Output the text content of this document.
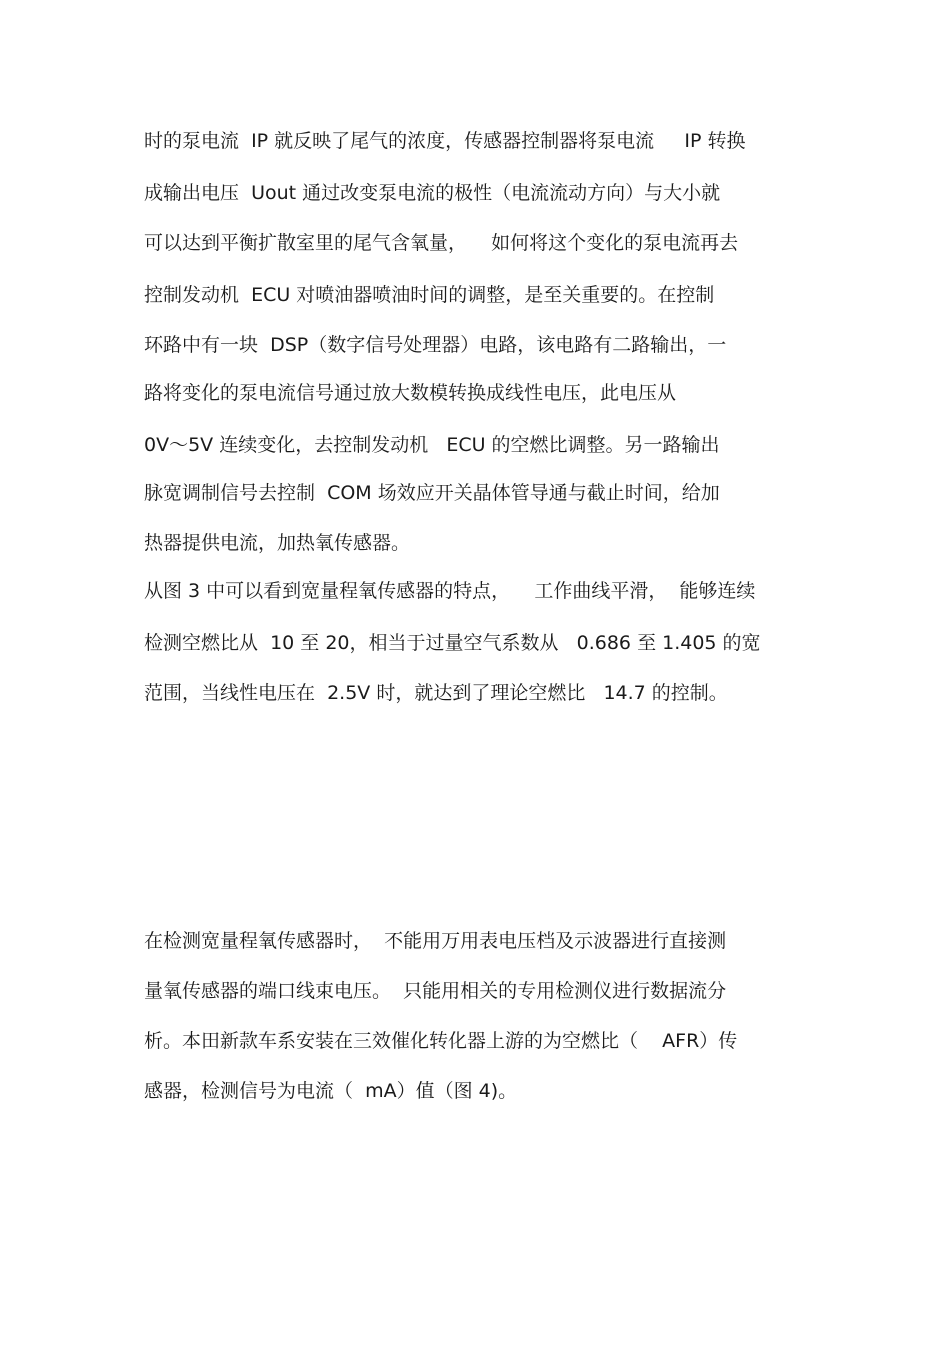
时的泵电流  IP 就反映了尾气的浓度，传感器控制器将泵电流     IP 转换
成输出电压  Uout 通过改变泵电流的极性（电流流动方向）与大小就
可以达到平衡扩散室里的尾气含氧量，    如何将这个变化的泵电流再去
控制发动机  ECU 对喷油器喷油时间的调整，是至关重要的。在控制
环路中有一块  DSP（数字信号处理器）电路，该电路有二路输出，一
路将变化的泵电流信号通过放大数模转换成线性电压，此电压从
0V～5V 连续变化，去控制发动机   ECU 的空燃比调整。另一路输出
脉宽调制信号去控制  COM 场效应开关晶体管导通与截止时间，给加
热器提供电流，加热氧传感器。
从图 3 中可以看到宽量程氧传感器的特点，    工作曲线平滑，  能够连续
检测空燃比从  10 至 20，相当于过量空气系数从   0.686 至 1.405 的宽
范围，当线性电压在  2.5V 时，就达到了理论空燃比   14.7 的控制。
在检测宽量程氧传感器时，  不能用万用表电压档及示波器进行直接测
量氧传感器的端口线束电压。  只能用相关的专用检测仪进行数据流分
析。本田新款车系安装在三效催化转化器上游的为空燃比（    AFR）传
感器，检测信号为电流（  mA）值（图 4)。
